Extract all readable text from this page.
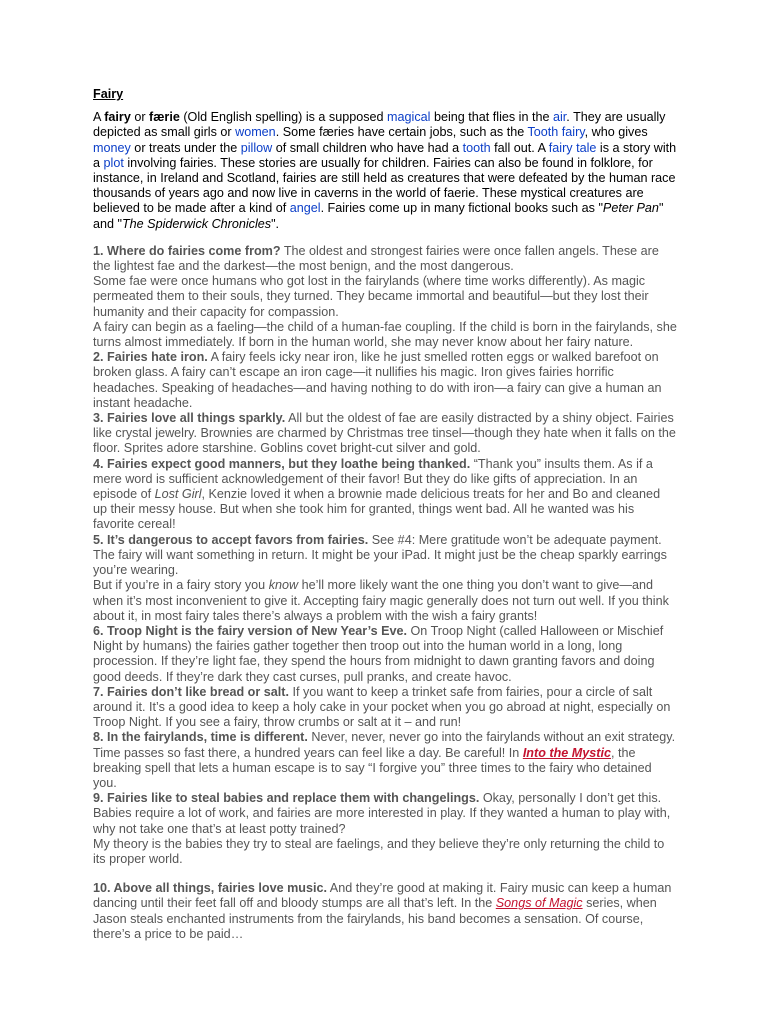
Fairy

A fairy or færie (Old English spelling) is a supposed magical being that flies in the air. They are usually depicted as small girls or women. Some færies have certain jobs, such as the Tooth fairy, who gives money or treats under the pillow of small children who have had a tooth fall out. A fairy tale is a story with a plot involving fairies. These stories are usually for children. Fairies can also be found in folklore, for instance, in Ireland and Scotland, fairies are still held as creatures that were defeated by the human race thousands of years ago and now live in caverns in the world of faerie. These mystical creatures are believed to be made after a kind of angel. Fairies come up in many fictional books such as "Peter Pan" and "The Spiderwick Chronicles".

1. Where do fairies come from? The oldest and strongest fairies were once fallen angels. These are the lightest fae and the darkest—the most benign, and the most dangerous.

Some fae were once humans who got lost in the fairylands (where time works differently). As magic permeated them to their souls, they turned. They became immortal and beautiful—but they lost their humanity and their capacity for compassion.

A fairy can begin as a faeling—the child of a human-fae coupling. If the child is born in the fairylands, she turns almost immediately. If born in the human world, she may never know about her fairy nature.

2. Fairies hate iron. A fairy feels icky near iron, like he just smelled rotten eggs or walked barefoot on broken glass. A fairy can’t escape an iron cage—it nullifies his magic. Iron gives fairies horrific headaches. Speaking of headaches—and having nothing to do with iron—a fairy can give a human an instant headache.

3. Fairies love all things sparkly. All but the oldest of fae are easily distracted by a shiny object. Fairies like crystal jewelry. Brownies are charmed by Christmas tree tinsel—though they hate when it falls on the floor. Sprites adore starshine. Goblins covet bright-cut silver and gold.

4. Fairies expect good manners, but they loathe being thanked. “Thank you” insults them. As if a mere word is sufficient acknowledgement of their favor! But they do like gifts of appreciation. In an episode of Lost Girl, Kenzie loved it when a brownie made delicious treats for her and Bo and cleaned up their messy house. But when she took him for granted, things went bad. All he wanted was his favorite cereal!

5. It’s dangerous to accept favors from fairies. See #4: Mere gratitude won’t be adequate payment. The fairy will want something in return. It might be your iPad. It might just be the cheap sparkly earrings you’re wearing.

But if you’re in a fairy story you know he’ll more likely want the one thing you don’t want to give—and when it’s most inconvenient to give it. Accepting fairy magic generally does not turn out well. If you think about it, in most fairy tales there’s always a problem with the wish a fairy grants!

6. Troop Night is the fairy version of New Year’s Eve. On Troop Night (called Halloween or Mischief Night by humans) the fairies gather together then troop out into the human world in a long, long procession. If they’re light fae, they spend the hours from midnight to dawn granting favors and doing good deeds. If they’re dark they cast curses, pull pranks, and create havoc.

7. Fairies don’t like bread or salt. If you want to keep a trinket safe from fairies, pour a circle of salt around it. It’s a good idea to keep a holy cake in your pocket when you go abroad at night, especially on Troop Night. If you see a fairy, throw crumbs or salt at it – and run!

8. In the fairylands, time is different. Never, never, never go into the fairylands without an exit strategy. Time passes so fast there, a hundred years can feel like a day. Be careful! In Into the Mystic, the breaking spell that lets a human escape is to say “I forgive you” three times to the fairy who detained you.

9. Fairies like to steal babies and replace them with changelings. Okay, personally I don’t get this. Babies require a lot of work, and fairies are more interested in play. If they wanted a human to play with, why not take one that’s at least potty trained?

My theory is the babies they try to steal are faelings, and they believe they’re only returning the child to its proper world.

10. Above all things, fairies love music. And they’re good at making it. Fairy music can keep a human dancing until their feet fall off and bloody stumps are all that’s left. In the Songs of Magic series, when Jason steals enchanted instruments from the fairylands, his band becomes a sensation. Of course, there’s a price to be paid…
